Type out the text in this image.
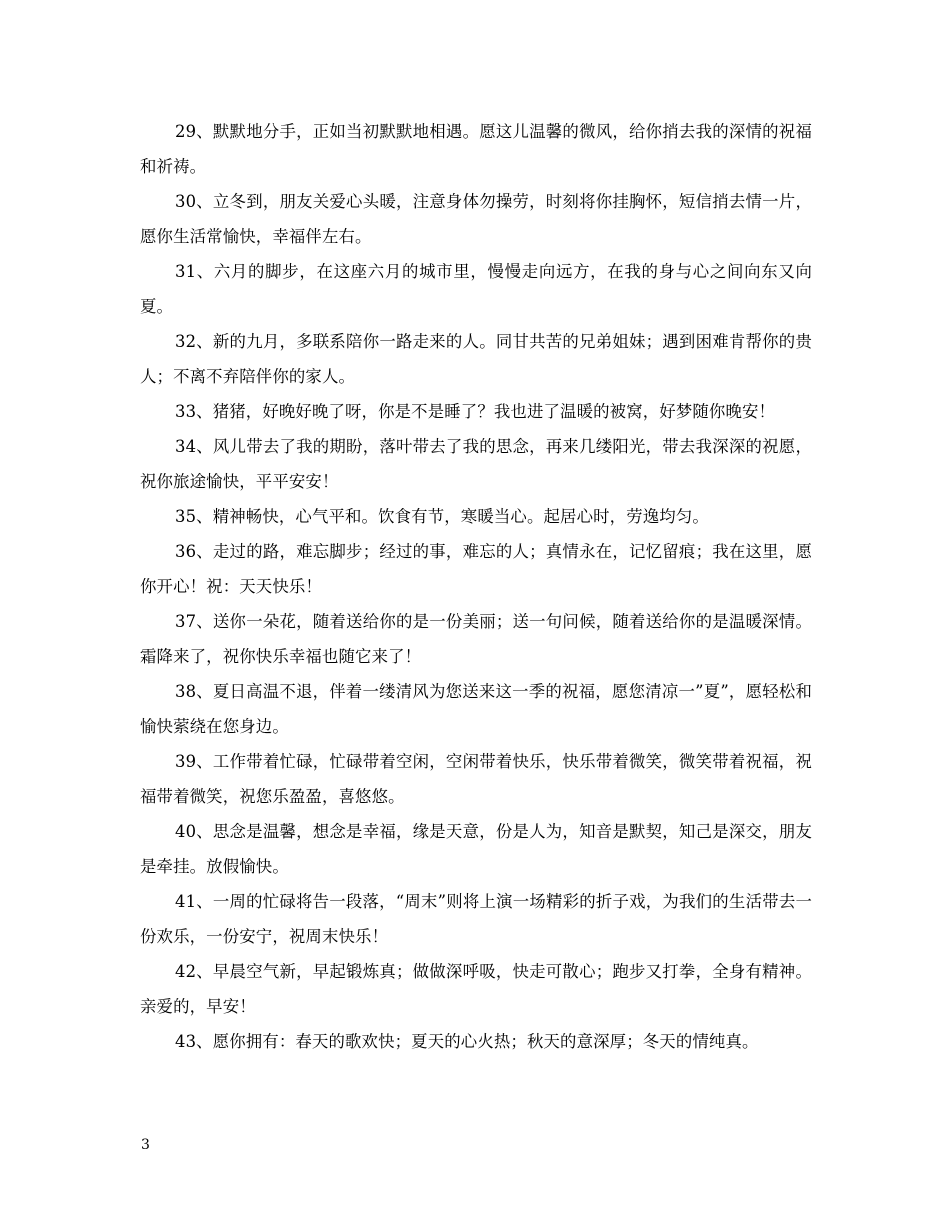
29、默默地分手，正如当初默默地相遇。愿这儿温馨的微风，给你捎去我的深情的祝福和祈祷。

30、立冬到，朋友关爱心头暖，注意身体勿操劳，时刻将你挂胸怀，短信捎去情一片，愿你生活常愉快，幸福伴左右。

31、六月的脚步，在这座六月的城市里，慢慢走向远方，在我的身与心之间向东又向夏。

32、新的九月，多联系陪你一路走来的人。同甘共苦的兄弟姐妹；遇到困难肯帮你的贵人；不离不弃陪伴你的家人。

33、猪猪，好晚好晚了呀，你是不是睡了？我也进了温暖的被窝，好梦随你晚安！

34、风儿带去了我的期盼，落叶带去了我的思念，再来几缕阳光，带去我深深的祝愿，祝你旅途愉快，平平安安！

35、精神畅快，心气平和。饮食有节，寒暖当心。起居心时，劳逸均匀。

36、走过的路，难忘脚步；经过的事，难忘的人；真情永在，记忆留痕；我在这里，愿你开心！祝：天天快乐！

37、送你一朵花，随着送给你的是一份美丽；送一句问候，随着送给你的是温暖深情。霜降来了，祝你快乐幸福也随它来了！

38、夏日高温不退，伴着一缕清风为您送来这一季的祝福，愿您清凉一”夏”，愿轻松和愉快萦绕在您身边。

39、工作带着忙碌，忙碌带着空闲，空闲带着快乐，快乐带着微笑，微笑带着祝福，祝福带着微笑，祝您乐盈盈，喜悠悠。

40、思念是温馨，想念是幸福，缘是天意，份是人为，知音是默契，知己是深交，朋友是牵挂。放假愉快。

41、一周的忙碌将告一段落，“周末”则将上演一场精彩的折子戏，为我们的生活带去一份欢乐，一份安宁，祝周末快乐！

42、早晨空气新，早起锻炼真；做做深呼吸，快走可散心；跑步又打拳，全身有精神。亲爱的，早安！

43、愿你拥有：春天的歌欢快；夏天的心火热；秋天的意深厚；冬天的情纯真。

3
